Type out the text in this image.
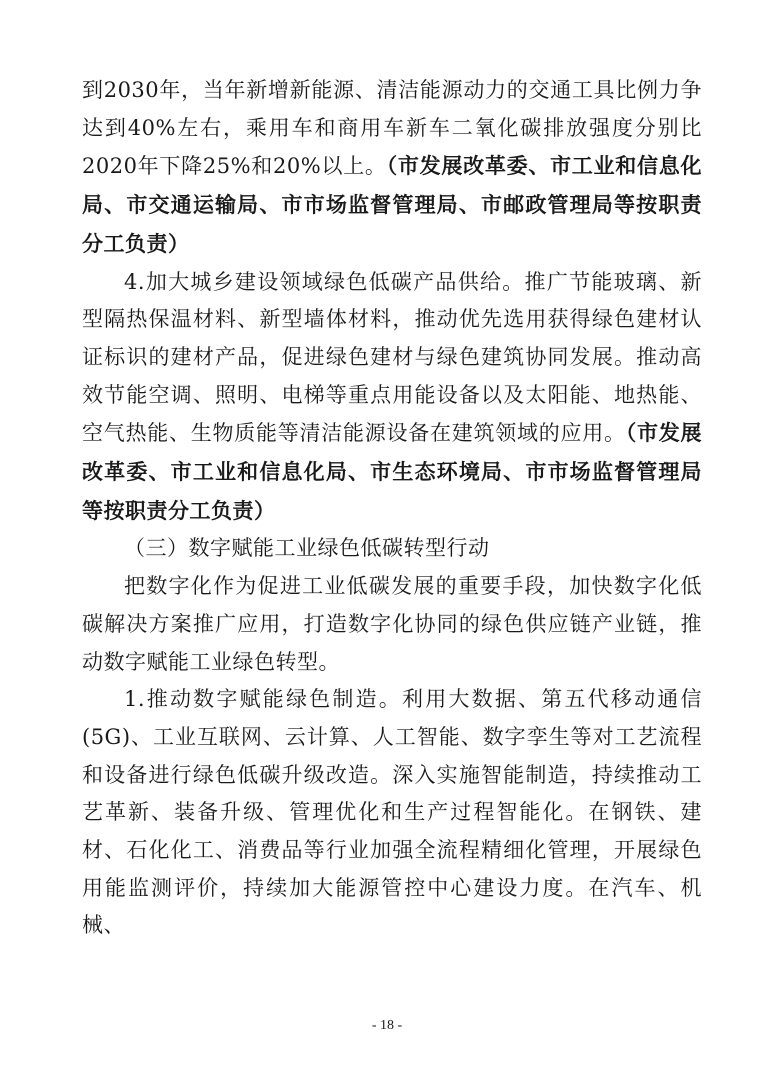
到2030年，当年新增新能源、清洁能源动力的交通工具比例力争达到40%左右，乘用车和商用车新车二氧化碳排放强度分别比2020年下降25%和20%以上。（市发展改革委、市工业和信息化局、市交通运输局、市市场监督管理局、市邮政管理局等按职责分工负责）

4.加大城乡建设领域绿色低碳产品供给。推广节能玻璃、新型隔热保温材料、新型墙体材料，推动优先选用获得绿色建材认证标识的建材产品，促进绿色建材与绿色建筑协同发展。推动高效节能空调、照明、电梯等重点用能设备以及太阳能、地热能、空气热能、生物质能等清洁能源设备在建筑领域的应用。（市发展改革委、市工业和信息化局、市生态环境局、市市场监督管理局等按职责分工负责）

（三）数字赋能工业绿色低碳转型行动

把数字化作为促进工业低碳发展的重要手段，加快数字化低碳解决方案推广应用，打造数字化协同的绿色供应链产业链，推动数字赋能工业绿色转型。

1.推动数字赋能绿色制造。利用大数据、第五代移动通信(5G)、工业互联网、云计算、人工智能、数字孪生等对工艺流程和设备进行绿色低碳升级改造。深入实施智能制造，持续推动工艺革新、装备升级、管理优化和生产过程智能化。在钢铁、建材、石化化工、消费品等行业加强全流程精细化管理，开展绿色用能监测评价，持续加大能源管控中心建设力度。在汽车、机械、

- 18 -
